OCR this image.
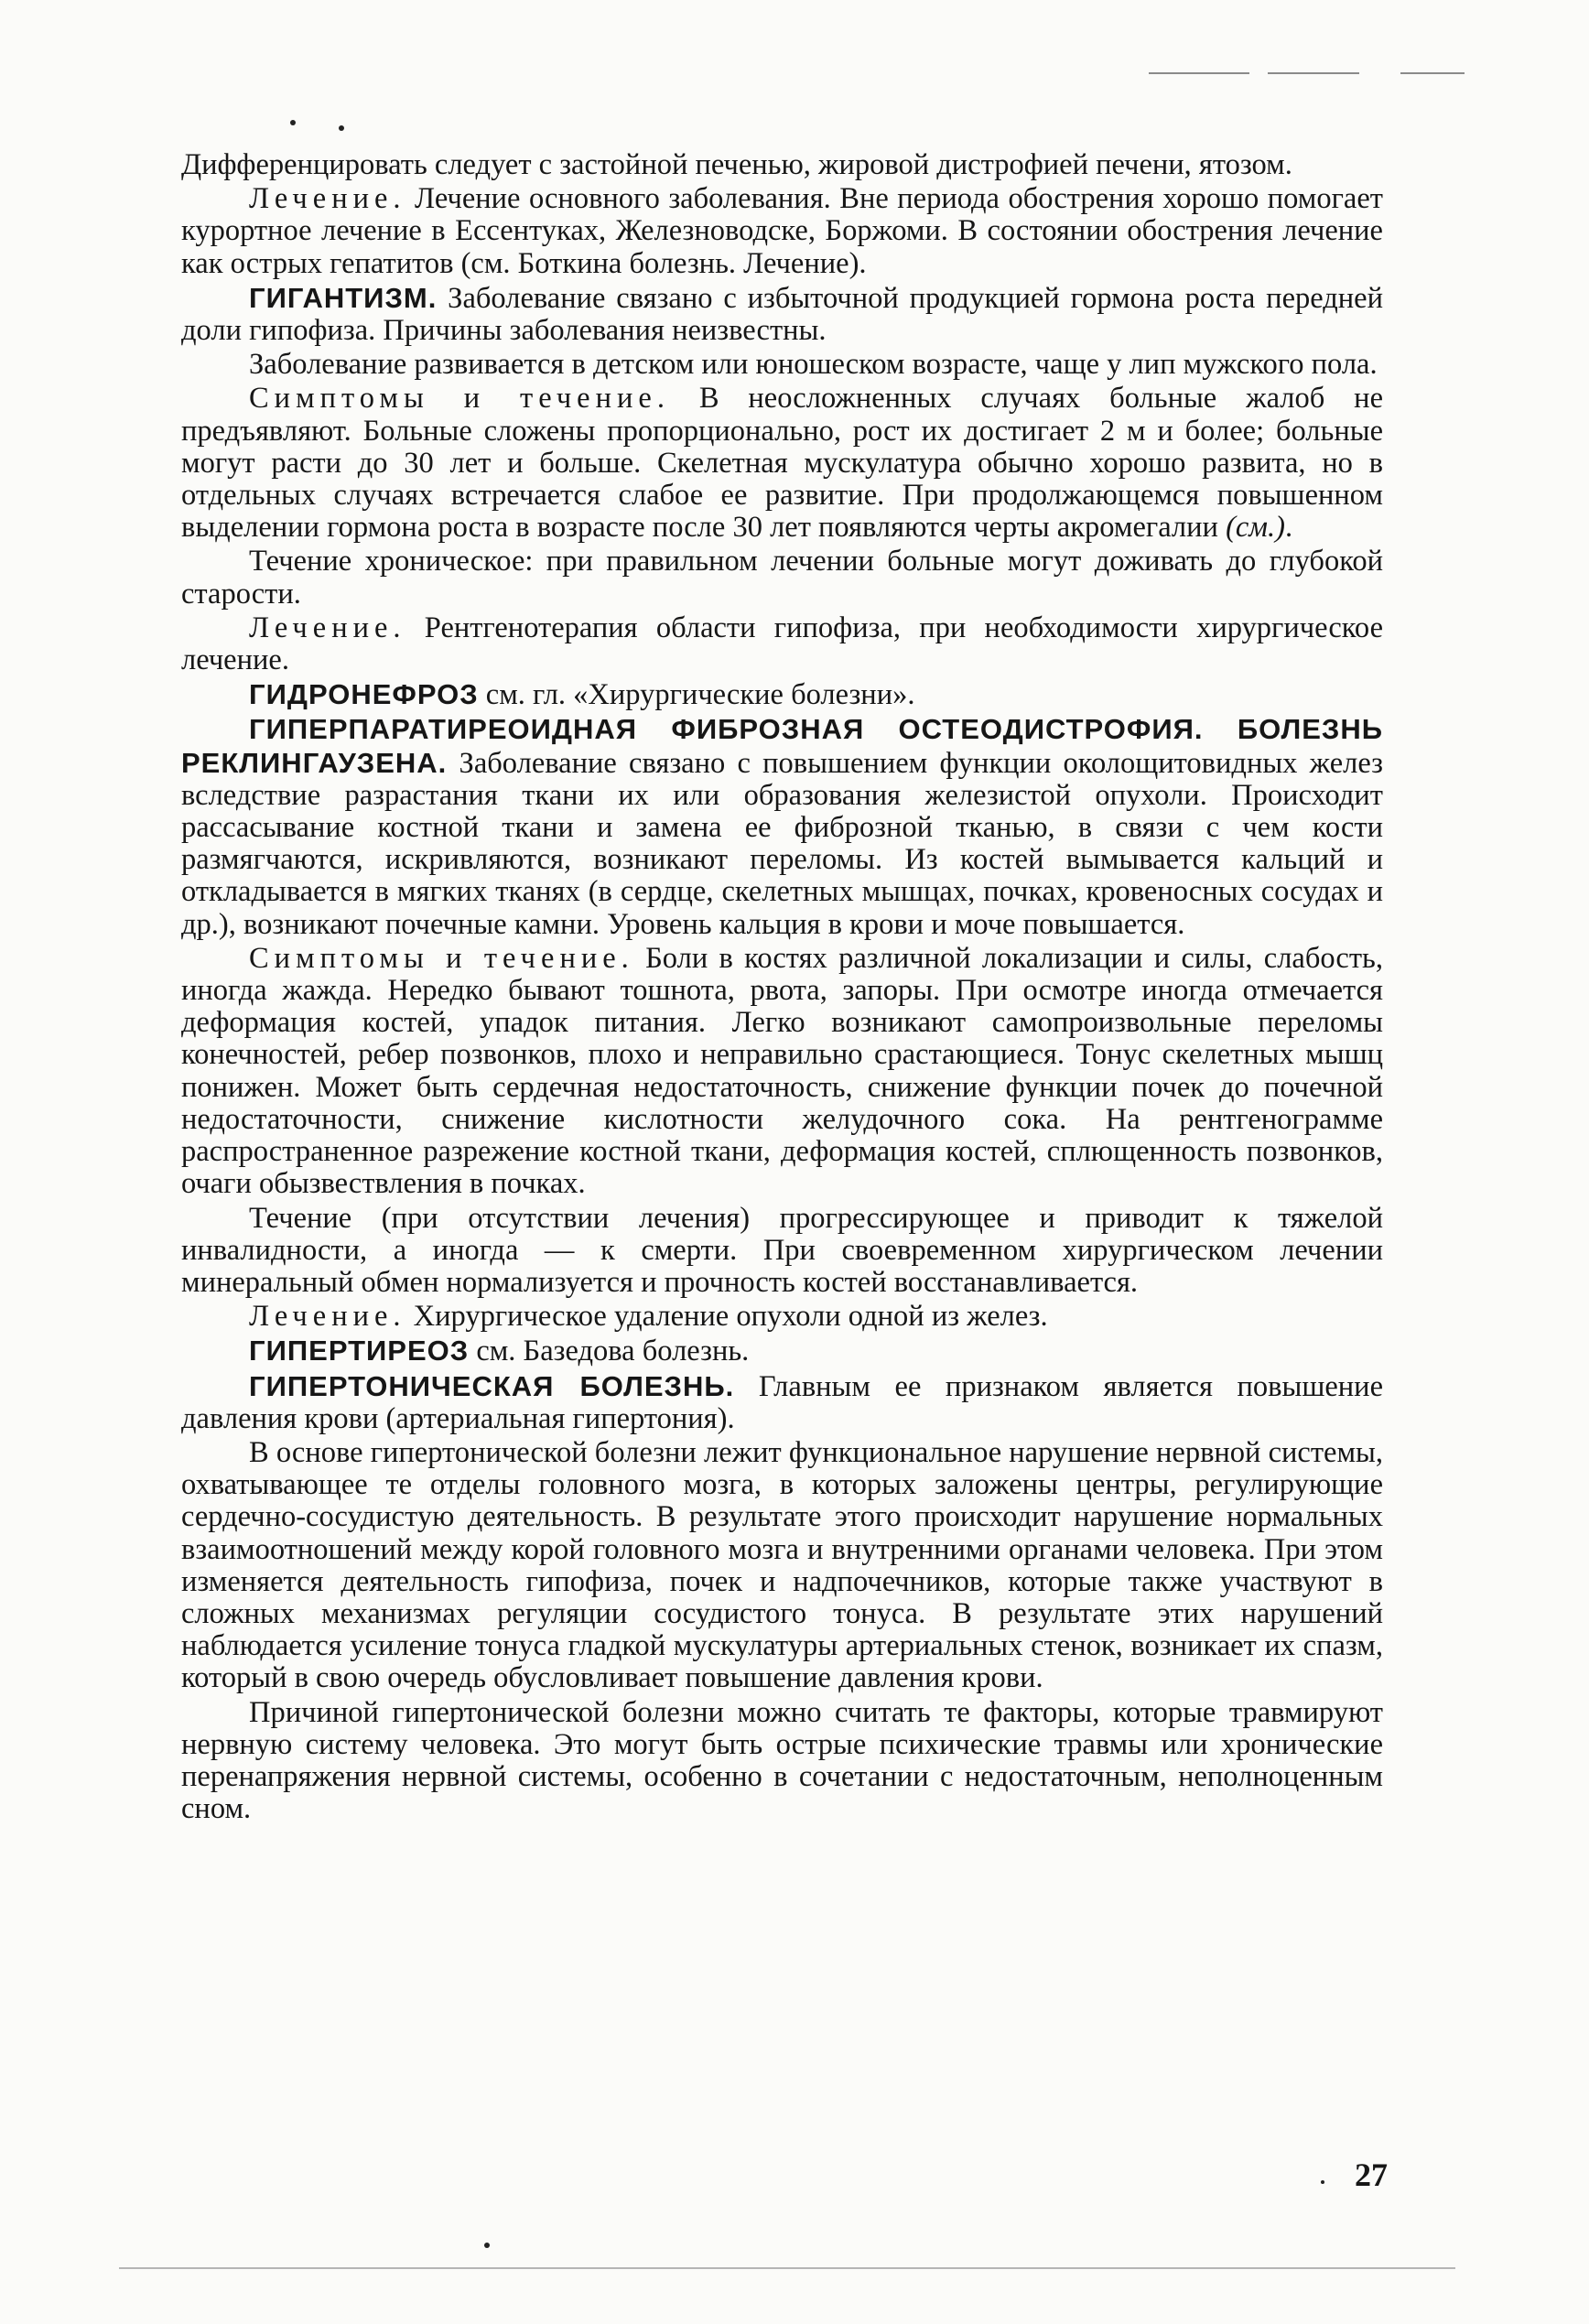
Дифференцировать следует с застойной печенью, жировой дистрофией печени, ятозом.

Лечение. Лечение основного заболевания. Вне периода обострения хорошо помогает курортное лечение в Ессентуках, Железноводске, Боржоми. В состоянии обострения лечение как острых гепатитов (см. Боткина болезнь. Лечение).

ГИГАНТИЗМ. Заболевание связано с избыточной продукцией гормона роста передней доли гипофиза. Причины заболевания неизвестны.

Заболевание развивается в детском или юношеском возрасте, чаще у лип мужского пола.

Симптомы и течение. В неосложненных случаях больные жалоб не предъявляют. Больные сложены пропорционально, рост их достигает 2 м и более; больные могут расти до 30 лет и больше. Скелетная мускулатура обычно хорошо развита, но в отдельных случаях встречается слабое ее развитие. При продолжающемся повышенном выделении гормона роста в возрасте после 30 лет появляются черты акромегалии (см.).

Течение хроническое: при правильном лечении больные могут доживать до глубокой старости.

Лечение. Рентгенотерапия области гипофиза, при необходимости хирургическое лечение.

ГИДРОНЕФРОЗ см. гл. «Хирургические болезни».

ГИПЕРПАРАТИРЕОИДНАЯ ФИБРОЗНАЯ ОСТЕОДИСТРОФИЯ. БОЛЕЗНЬ РЕКЛИНГАУЗЕНА. Заболевание связано с повышением функции околощитовидных желез вследствие разрастания ткани их или образования железистой опухоли. Происходит рассасывание костной ткани и замена ее фиброзной тканью, в связи с чем кости размягчаются, искривляются, возникают переломы. Из костей вымывается кальций и откладывается в мягких тканях (в сердце, скелетных мышцах, почках, кровеносных сосудах и др.), возникают почечные камни. Уровень кальция в крови и моче повышается.

Симптомы и течение. Боли в костях различной локализации и силы, слабость, иногда жажда. Нередко бывают тошнота, рвота, запоры. При осмотре иногда отмечается деформация костей, упадок питания. Легко возникают самопроизвольные переломы конечностей, ребер позвонков, плохо и неправильно срастающиеся. Тонус скелетных мышц понижен. Может быть сердечная недостаточность, снижение функции почек до почечной недостаточности, снижение кислотности желудочного сока. На рентгенограмме распространенное разрежение костной ткани, деформация костей, сплющенность позвонков, очаги обызвествления в почках.

Течение (при отсутствии лечения) прогрессирующее и приводит к тяжелой инвалидности, а иногда — к смерти. При своевременном хирургическом лечении минеральный обмен нормализуется и прочность костей восстанавливается.

Лечение. Хирургическое удаление опухоли одной из желез.

ГИПЕРТИРЕОЗ см. Базедова болезнь.

ГИПЕРТОНИЧЕСКАЯ БОЛЕЗНЬ. Главным ее признаком является повышение давления крови (артериальная гипертония).

В основе гипертонической болезни лежит функциональное нарушение нервной системы, охватывающее те отделы головного мозга, в которых заложены центры, регулирующие сердечно-сосудистую деятельность. В результате этого происходит нарушение нормальных взаимоотношений между корой головного мозга и внутренними органами человека. При этом изменяется деятельность гипофиза, почек и надпочечников, которые также участвуют в сложных механизмах регуляции сосудистого тонуса. В результате этих нарушений наблюдается усиление тонуса гладкой мускулатуры артериальных стенок, возникает их спазм, который в свою очередь обусловливает повышение давления крови.

Причиной гипертонической болезни можно считать те факторы, которые травмируют нервную систему человека. Это могут быть острые психические травмы или хронические перенапряжения нервной системы, особенно в сочетании с недостаточным, неполноценным сном.

27
